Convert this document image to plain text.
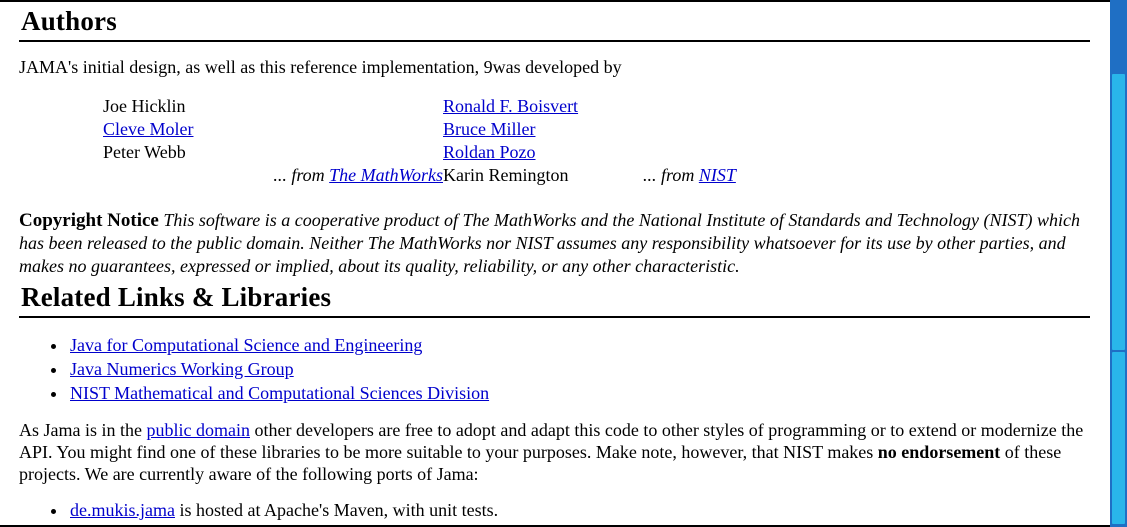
Authors

JAMA's initial design, as well as this reference implementation, 9was developed by

	Joe Hicklin		Ronald F. Boisvert	
	Cleve Moler		Bruce Miller	
	Peter Webb		Roldan Pozo	
		... from The MathWorks	Karin Remington	... from NIST

Copyright Notice This software is a cooperative product of The MathWorks and the National Institute of Standards and Technology (NIST) which has been released to the public domain. Neither The MathWorks nor NIST assumes any responsibility whatsoever for its use by other parties, and makes no guarantees, expressed or implied, about its quality, reliability, or any other characteristic.

Related Links & Libraries
• Java for Computational Science and Engineering
• Java Numerics Working Group
• NIST Mathematical and Computational Sciences Division

As Jama is in the public domain other developers are free to adopt and adapt this code to other styles of programming or to extend or modernize the API. You might find one of these libraries to be more suitable to your purposes. Make note, however, that NIST makes no endorsement of these projects. We are currently aware of the following ports of Jama:

• de.mukis.jama is hosted at Apache's Maven, with unit tests.
